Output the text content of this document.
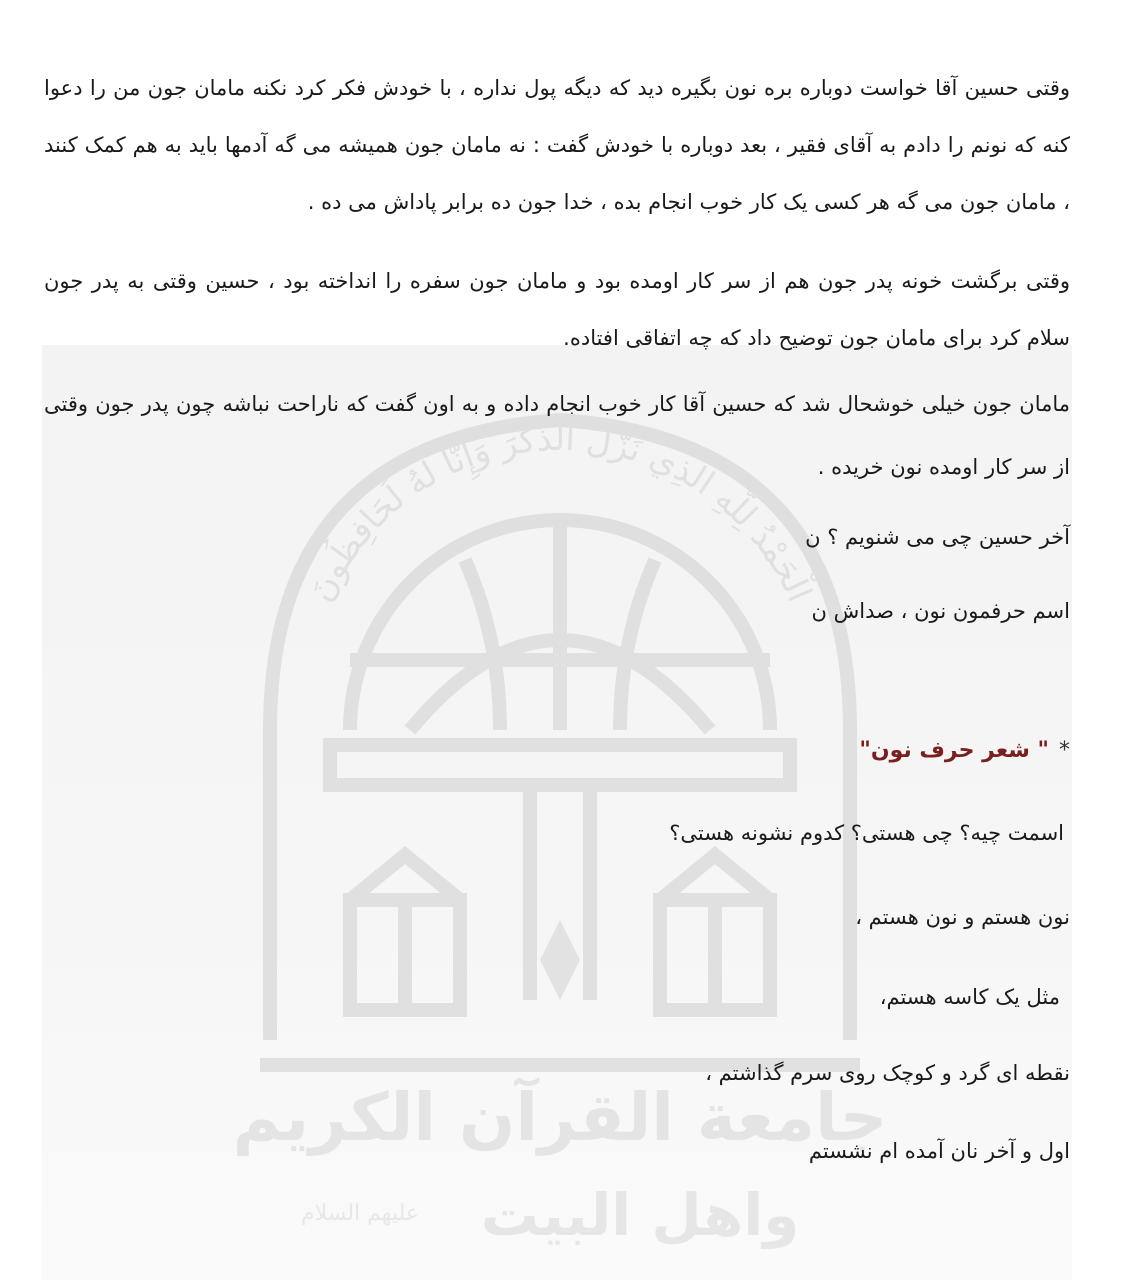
الْحَمْدُ لِلَّهِ الَّذِي نَزَّلَ الذِّكْرَ وَإِنَّا لَهُ لَحَافِظُونَ
جامعة القرآن الكريم
واهل البيت
عليهم السلام

وقتی حسین آقا خواست دوباره بره نون بگیره دید که دیگه پول نداره ، با خودش فکر کرد نکنه مامان جون من را دعوا کنه که نونم را دادم به آقای فقیر ، بعد دوباره با خودش گفت : نه مامان جون همیشه می گه آدمها باید به هم کمک کنند ، مامان جون می گه هر کسی یک کار خوب انجام بده ، خدا جون ده برابر پاداش می ده .

وقتی برگشت خونه پدر جون هم از سر کار اومده بود و مامان جون سفره را انداخته بود ، حسین وقتی به پدر جون سلام کرد برای مامان جون توضیح داد که چه اتفاقی افتاده.

مامان جون خیلی خوشحال شد که حسین آقا کار خوب انجام داده و به اون گفت که ناراحت نباشه چون پدر جون وقتی از سر کار اومده نون خریده .

آخر حسین چی می شنویم ؟ ن

اسم حرفمون نون ، صداش ن

*" شعر حرف نون"

اسمت چیه؟ چی هستی؟ کدوم نشونه هستی؟

نون هستم و نون هستم ،

مثل یک کاسه هستم،

نقطه ای گرد و کوچک روی سرم گذاشتم ،

اول و آخر نان آمده ام نشستم
